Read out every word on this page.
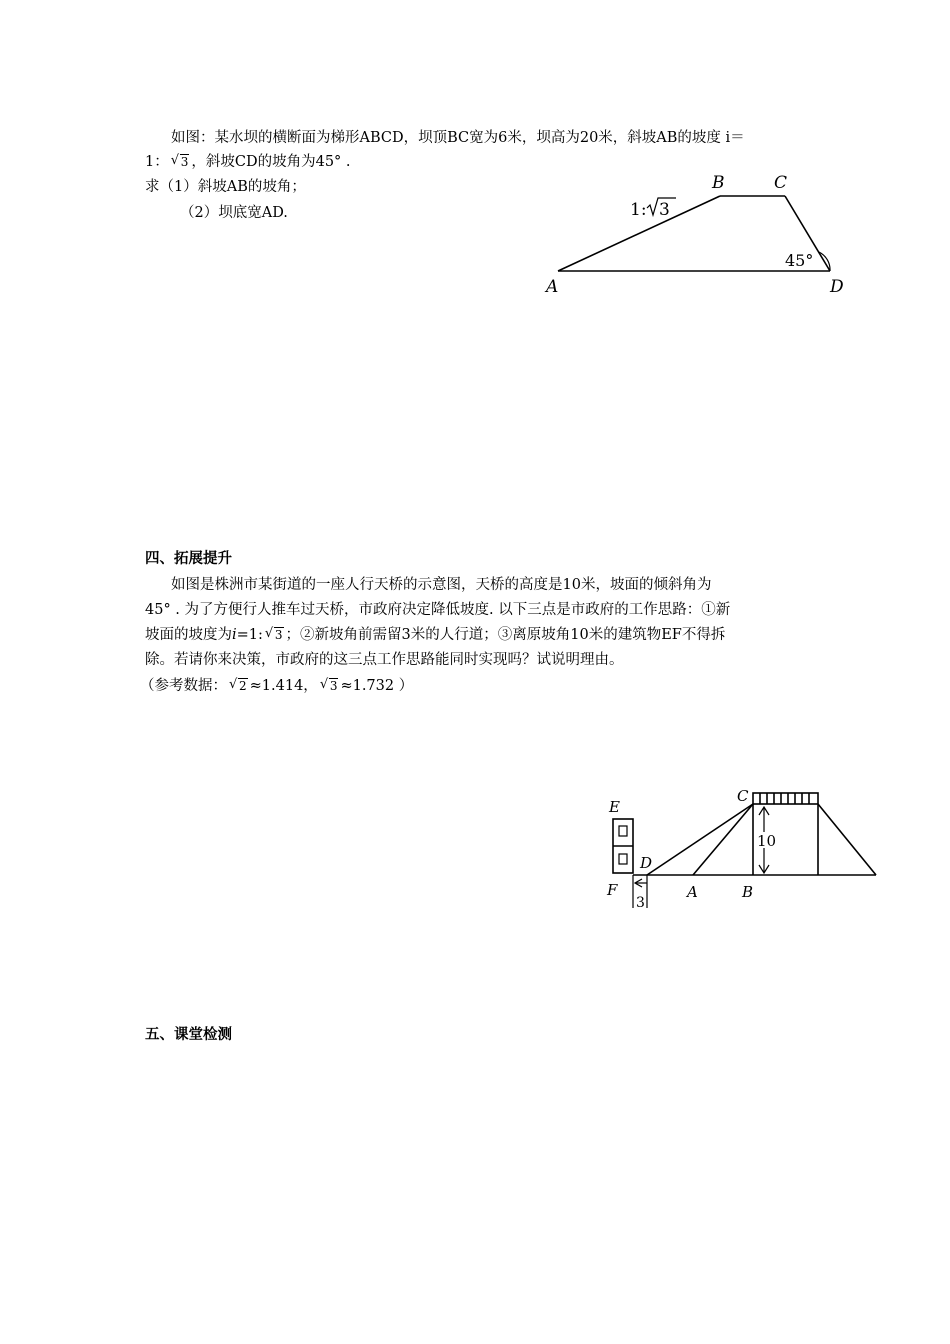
如图：某水坝的横断面为梯形ABCD，坝顶BC宽为6米，坝高为20米，斜坡AB的坡度 i＝
1： √ 3 ，斜坡CD的坡角为45° .
求（1）斜坡AB的坡角；
（2）坝底宽AD.
A
B	C
D
1: 3
45°
四、拓展提升
如图是株洲市某街道的一座人行天桥的示意图，天桥的高度是10米，坡面的倾斜角为
45° . 为了方便行人推车过天桥，市政府决定降低坡度. 以下三点是市政府的工作思路：①新
坡面的坡度为i=1: √ 3 ；②新坡角前需留3米的人行道；③离原坡角10米的建筑物EF不得拆
除。若请你来决策，市政府的这三点工作思路能同时实现吗？试说明理由。
（参考数据： √ 2 ≈1.414， √ 3 ≈1.732 ）
E
F
D
A	B
C
10
3
五、课堂检测
